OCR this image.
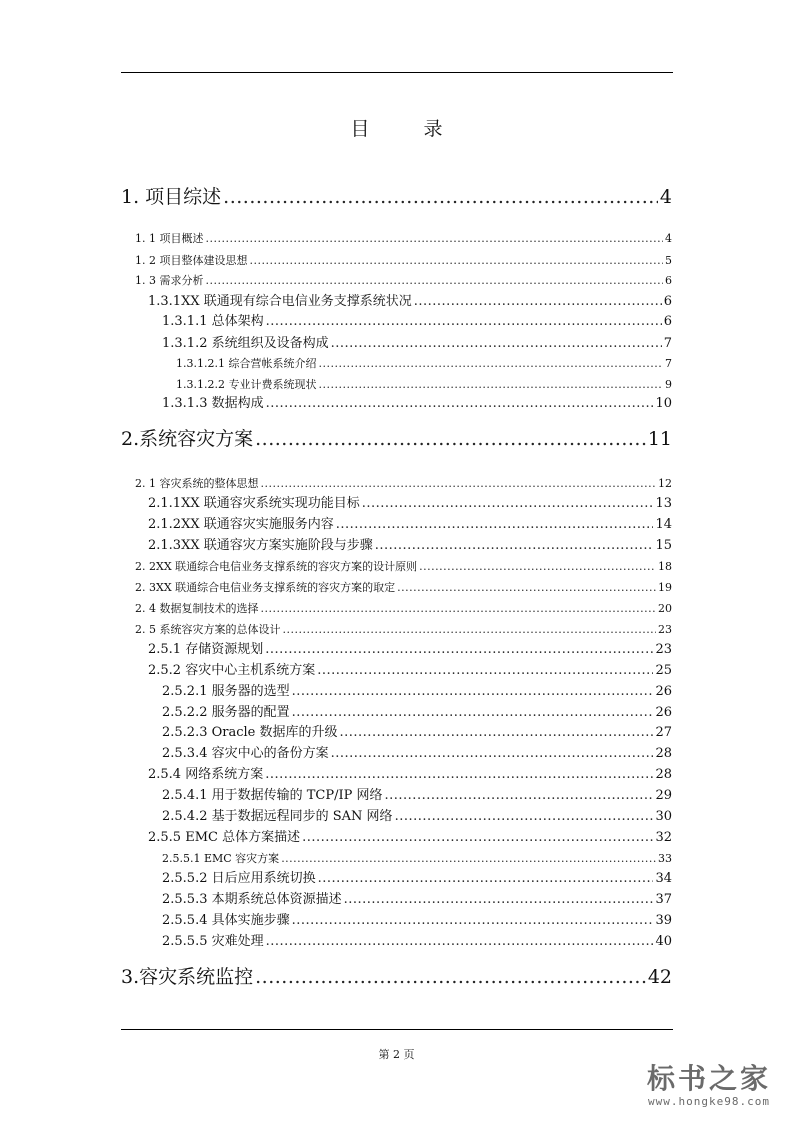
目录
1. 项目综述 .....	4
1. 1 项目概述 .....	4
1. 2 项目整体建设思想 .....	5
1. 3 需求分析 .....	6
1.3.1XX 联通现有综合电信业务支撑系统状况 .....	6
1.3.1.1 总体架构 .....	6
1.3.1.2 系统组织及设备构成 .....	7
1.3.1.2.1 综合营帐系统介绍 .....	7
1.3.1.2.2 专业计费系统现状 .....	9
1.3.1.3 数据构成 .....	10
2.系统容灾方案 .....	11
2. 1 容灾系统的整体思想 .....	12
2.1.1XX 联通容灾系统实现功能目标 .....	13
2.1.2XX 联通容灾实施服务内容 .....	14
2.1.3XX 联通容灾方案实施阶段与步骤 .....	15
2. 2XX 联通综合电信业务支撑系统的容灾方案的设计原则 .....	18
2. 3XX 联通综合电信业务支撑系统的容灾方案的取定 .....	19
2. 4 数据复制技术的选择 .....	20
2. 5 系统容灾方案的总体设计 .....	23
2.5.1 存储资源规划 .....	23
2.5.2 容灾中心主机系统方案 .....	25
2.5.2.1 服务器的选型 .....	26
2.5.2.2 服务器的配置 .....	26
2.5.2.3 Oracle 数据库的升级 .....	27
2.5.3.4 容灾中心的备份方案 .....	28
2.5.4 网络系统方案 .....	28
2.5.4.1 用于数据传输的 TCP/IP 网络 .....	29
2.5.4.2 基于数据远程同步的 SAN 网络 .....	30
2.5.5 EMC 总体方案描述 .....	32
2.5.5.1 EMC 容灾方案 .....	33
2.5.5.2 日后应用系统切换 .....	34
2.5.5.3 本期系统总体资源描述 .....	37
2.5.5.4 具体实施步骤 .....	39
2.5.5.5 灾难处理 .....	40
3.容灾系统监控 .....	42
第 2 页
标书之家
www.hongke98.com
